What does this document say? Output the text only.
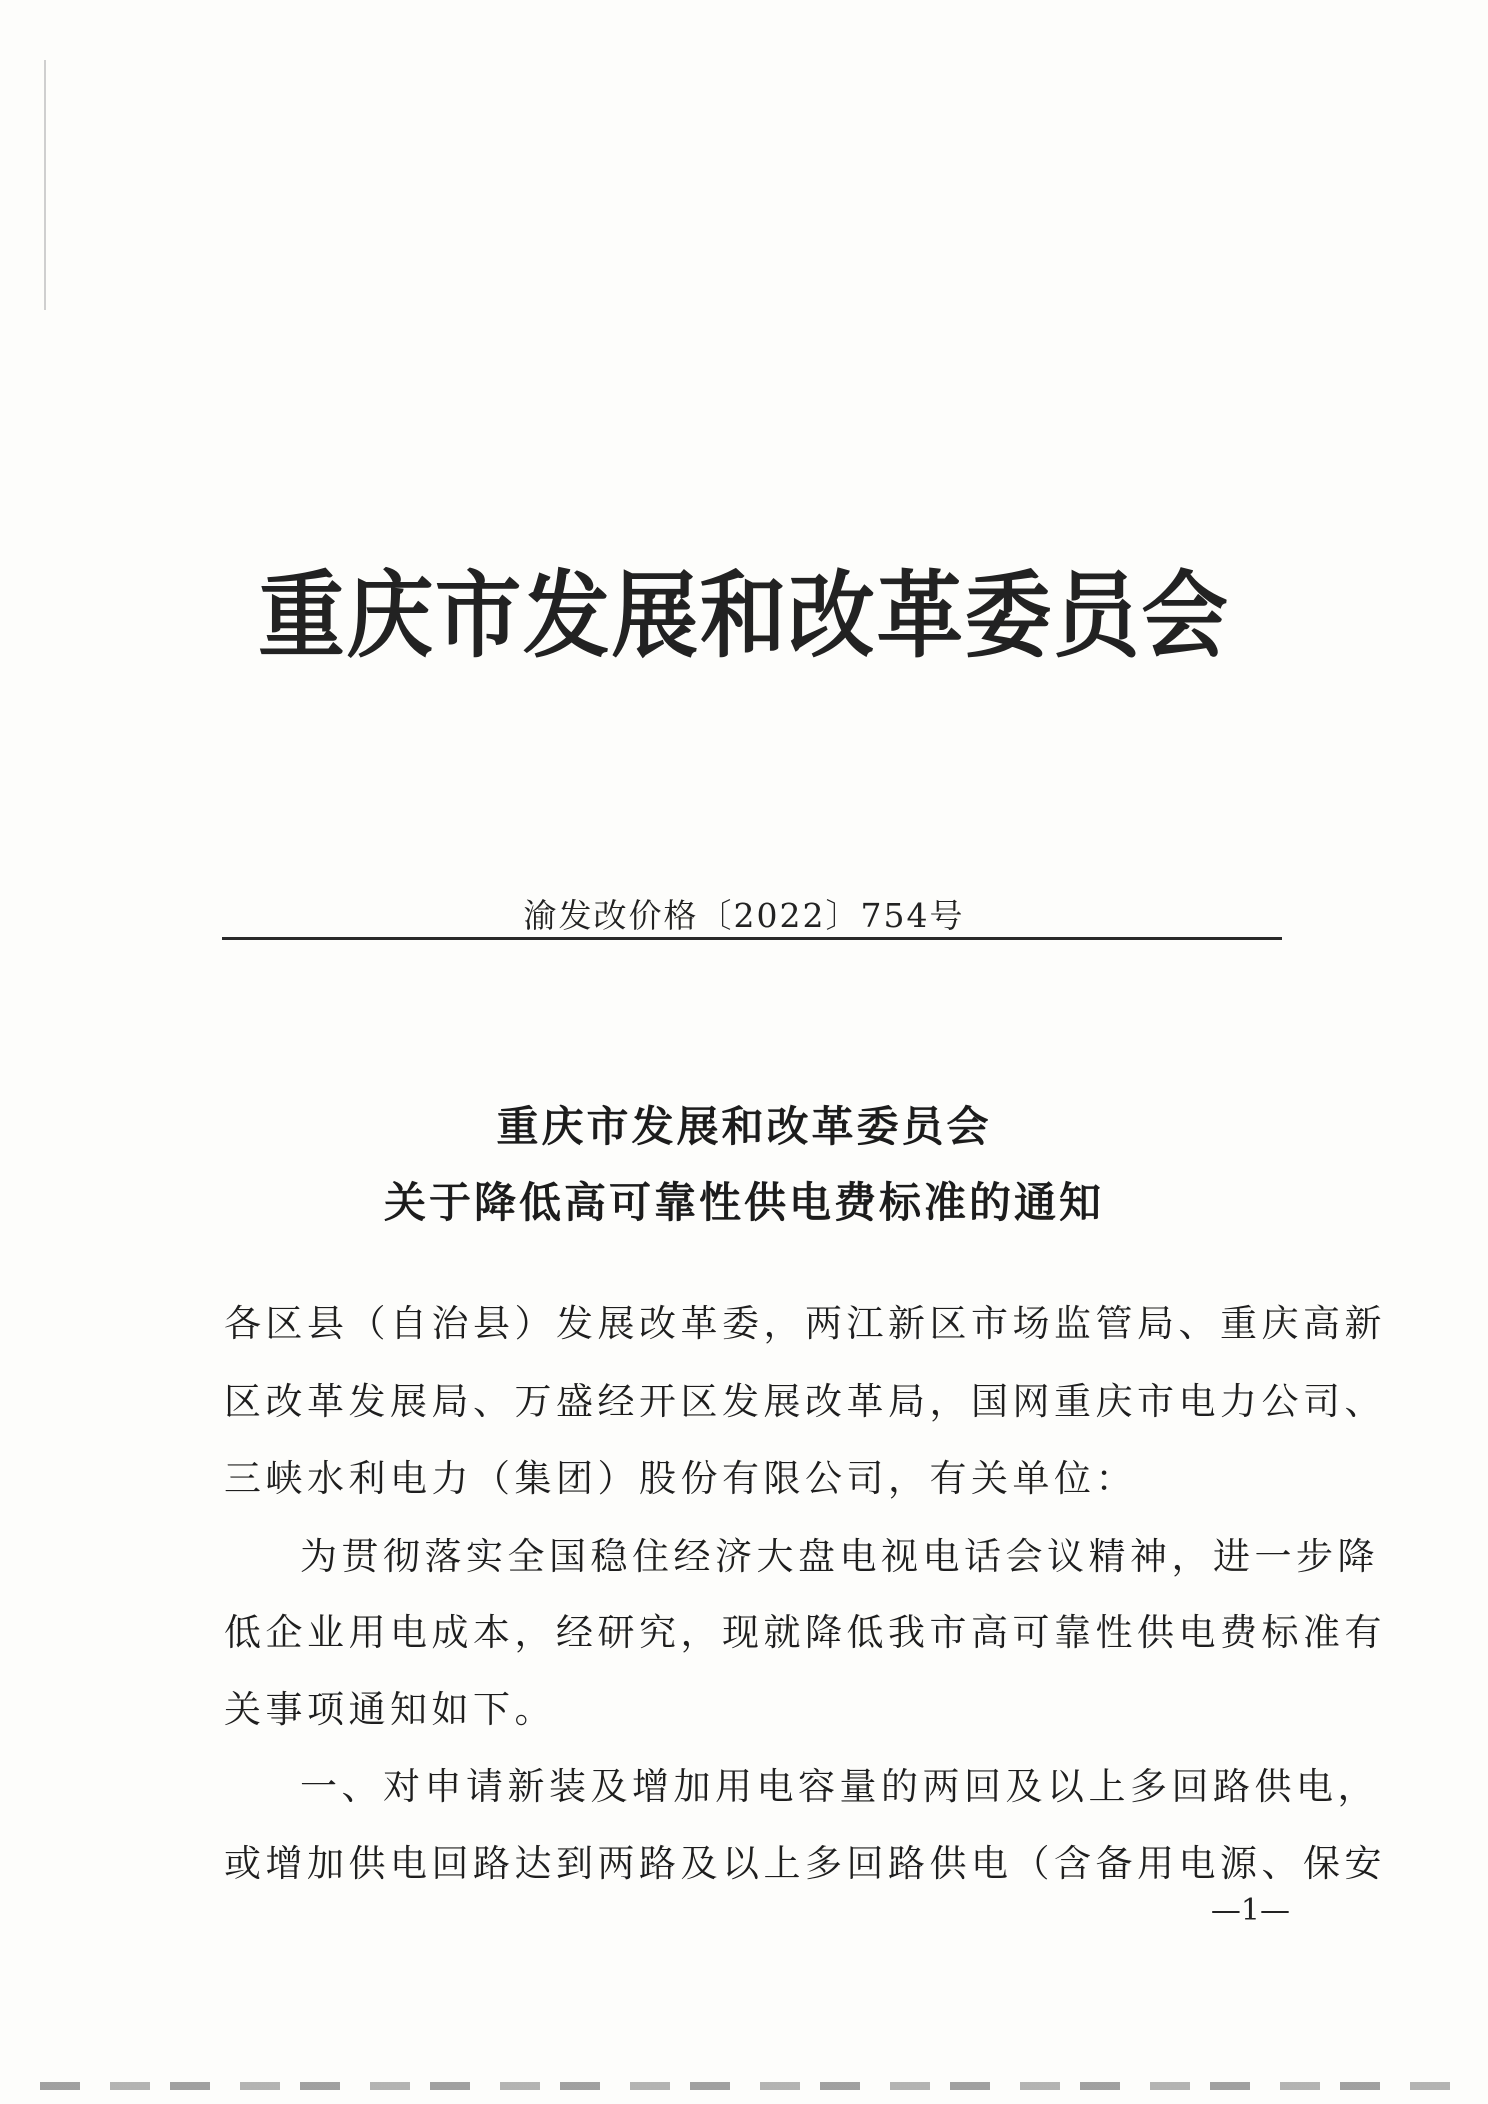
重庆市发展和改革委员会
渝发改价格〔2022〕754号
重庆市发展和改革委员会
关于降低高可靠性供电费标准的通知
各区县（自治县）发展改革委，两江新区市场监管局、重庆高新
区改革发展局、万盛经开区发展改革局，国网重庆市电力公司、
三峡水利电力（集团）股份有限公司，有关单位：
为贯彻落实全国稳住经济大盘电视电话会议精神，进一步降
低企业用电成本，经研究，现就降低我市高可靠性供电费标准有
关事项通知如下。
一、对申请新装及增加用电容量的两回及以上多回路供电，
或增加供电回路达到两路及以上多回路供电（含备用电源、保安
—1—
